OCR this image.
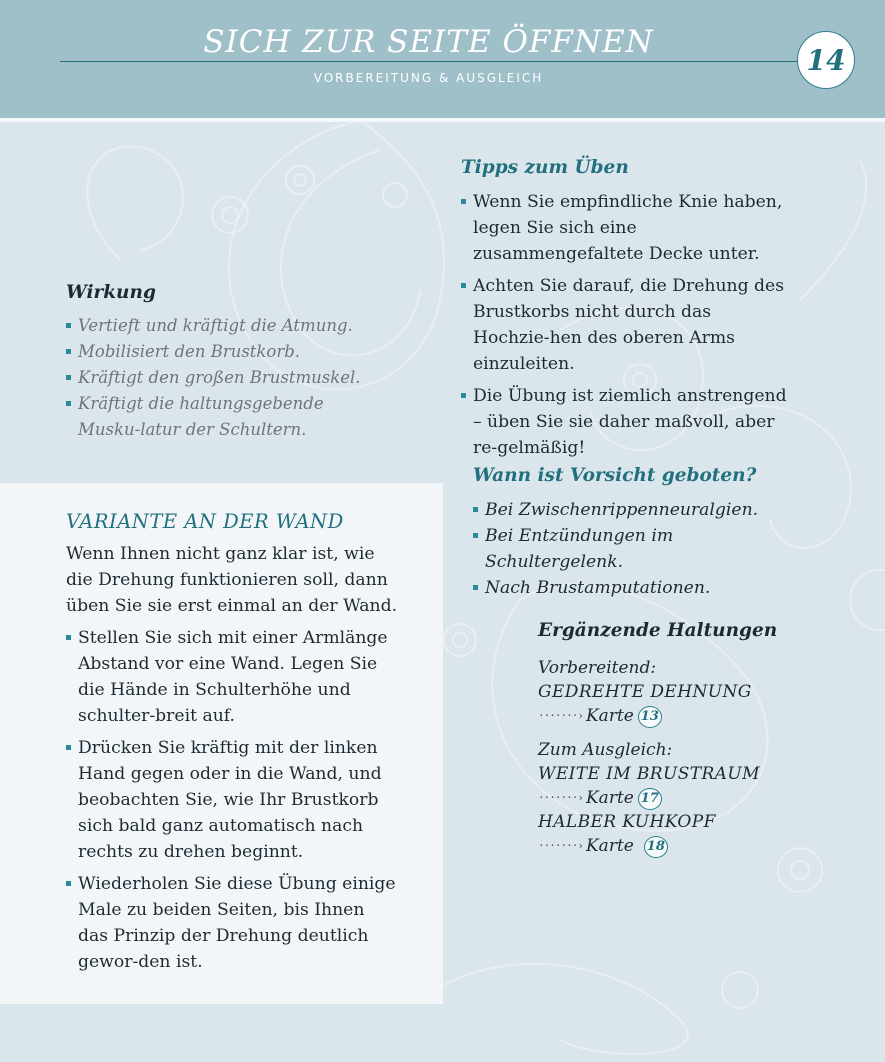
SICH ZUR SEITE ÖFFNEN
VORBEREITUNG & AUSGLEICH
14
Wirkung
Vertieft und kräftigt die Atmung.
Mobilisiert den Brustkorb.
Kräftigt den großen Brustmuskel.
Kräftigt die haltungsgebende Musku-latur der Schultern.
Tipps zum Üben
Wenn Sie empfindliche Knie haben, legen Sie sich eine zusammengefaltete Decke unter.
Achten Sie darauf, die Drehung des Brustkorbs nicht durch das Hochzie-hen des oberen Arms einzuleiten.
Die Übung ist ziemlich anstrengend – üben Sie sie daher maßvoll, aber re-gelmäßig!
Wann ist Vorsicht geboten?
Bei Zwischenrippenneuralgien.
Bei Entzündungen im Schultergelenk.
Nach Brustamputationen.
VARIANTE AN DER WAND

Wenn Ihnen nicht ganz klar ist, wie die Drehung funktionieren soll, dann üben Sie sie erst einmal an der Wand.

Stellen Sie sich mit einer Armlänge Abstand vor eine Wand. Legen Sie die Hände in Schulterhöhe und schulter-breit auf.
Drücken Sie kräftig mit der linken Hand gegen oder in die Wand, und beobachten Sie, wie Ihr Brustkorb sich bald ganz automatisch nach rechts zu drehen beginnt.
Wiederholen Sie diese Übung einige Male zu beiden Seiten, bis Ihnen das Prinzip der Drehung deutlich gewor-den ist.
Ergänzende Haltungen
Vorbereitend:
GEDREHTE DEHNUNG
·······› Karte 13
Zum Ausgleich:
WEITE IM BRUSTRAUM
·······› Karte 17
HALBER KUHKOPF
·······› Karte 18
